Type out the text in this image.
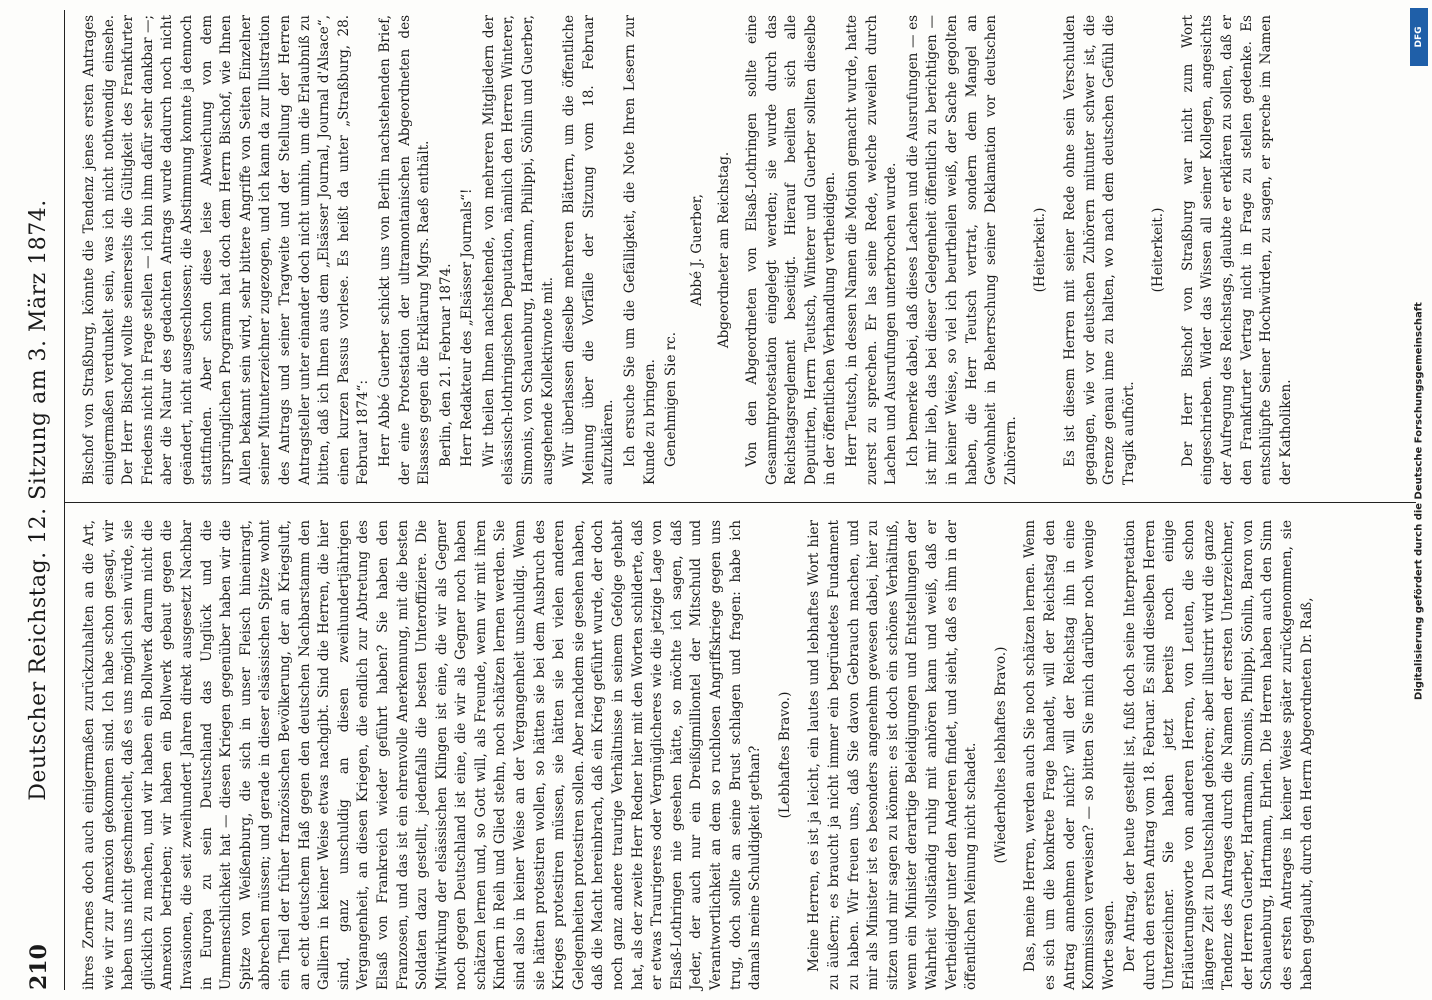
210
Deutscher Reichstag. 12. Sitzung am 3. März 1874. ihres Zornes doch auch einigermaßen zurückzuhalten an die Art, wie wir zur Annexion gekommen sind. Ich habe schon gesagt, wir haben uns nicht geschmeichelt, daß es uns möglich sein würde, sie glücklich zu machen, und wir haben ein Bollwerk darum nicht die Annexion betrieben; wir haben ein Bollwerk gebaut gegen die Invasionen, die seit zweihundert Jahren direkt ausgesetzt Nachbar in Europa zu sein Deutschland das Unglück und die Ummenschlichkeit hat — diesen Kriegen gegenüber haben wir die Spitze von Weißenburg, die sich in unser Fleisch hineinragt, abbrechen müssen; und gerade in dieser elsässischen Spitze wohnt ein Theil der früher französischen Bevölkerung, der an Kriegsluft, an echt deutschem Haß gegen den deutschen Nachbarstamm den Galliern in keiner Weise etwas nachgibt. Sind die Herren, die hier sind, ganz unschuldig an diesen zweihundertjährigen Vergangenheit, an diesen Kriegen, die endlich zur Abtretung des Elsaß von Frankreich wieder geführt haben? Sie haben den Franzosen, und das ist ein ehrenvolle Anerkennung, mit die besten Soldaten dazu gestellt, jedenfalls die besten Unteroffiziere. Die Mitwirkung der elsässischen Klingen ist eine, die wir als Gegner noch gegen Deutschland ist eine, die wir als Gegner noch haben schätzen lernen und, so Gott will, als Freunde, wenn wir mit ihren Kindern in Reih und Glied stehn, noch schätzen lernen werden. Sie sind also in keiner Weise an der Vergangenheit unschuldig. Wenn sie hätten protestiren wollen, so hätten sie bei dem Ausbruch des Krieges protestiren müssen, sie hätten sie bei vielen anderen Gelegenheiten protestiren sollen. Aber nachdem sie gesehen haben, daß die Macht hereinbrach, daß ein Krieg geführt wurde, der doch noch ganz andere traurige Verhältnisse in seinem Gefolge gehabt hat, als der zweite Herr Redner hier mit den Worten schilderte, daß er etwas Traurigeres oder Vergnüglicheres wie die jetzige Lage von Elsaß-Lothringen nie gesehen hätte, so möchte ich sagen, daß Jeder, der auch nur ein Dreißigmilliontel der Mitschuld und Verantwortlichkeit an dem so ruchlosen Angriffskriege gegen uns trug, doch sollte an seine Brust schlagen und fragen: habe ich damals meine Schuldigkeit gethan? (Lebhaftes Bravo.) Meine Herren, es ist ja leicht, ein lautes und lebhaftes Wort hier zu äußern; es braucht ja nicht immer ein begründetes Fundament zu haben. Wir freuen uns, daß Sie davon Gebrauch machen, und mir als Minister ist es besonders angenehm gewesen dabei, hier zu sitzen und mir sagen zu können: es ist doch ein schönes Verhältniß, wenn ein Minister derartige Beleidigungen und Entstellungen der Wahrheit vollständig ruhig mit anhören kann und weiß, daß er Vertheidiger unter den Anderen findet, und sieht, daß es ihm in der öffentlichen Meinung nicht schadet. (Wiederholtes lebhaftes Bravo.) Das, meine Herren, werden auch Sie noch schätzen lernen. Wenn es sich um die konkrete Frage handelt, will der Reichstag den Antrag annehmen oder nicht? will der Reichstag ihn in eine Kommission verweisen? — so bitten Sie mich darüber noch wenige Worte sagen. Der Antrag, der heute gestellt ist, fußt doch seine Interpretation durch den ersten Antrag vom 18. Februar. Es sind dieselben Herren Unterzeichner. Sie haben jetzt bereits noch einige Erläuterungsworte von anderen Herren, von Leuten, die schon längere Zeit zu Deutschland gehören; aber illustrirt wird die ganze Tendenz des Antrages durch die Namen der ersten Unterzeichner, der Herren Guerber, Hartmann, Simonis, Philippi, Sönlin, Baron von Schauenburg, Hartmann, Ehrlen. Die Herren haben auch den Sinn des ersten Antrages in keiner Weise später zurückgenommen, sie haben geglaubt, durch den Herrn Abgeordneten Dr. Raß,

Bischof von Straßburg, könnte die Tendenz jenes ersten Antrages einigermaßen verdunkelt sein, was ich nicht nothwendig einsehe. Der Herr Bischof wollte seinerseits die Gültigkeit des Frankfurter Friedens nicht in Frage stellen — ich bin ihm dafür sehr dankbar —; aber die Natur des gedachten Antrags wurde dadurch noch nicht geändert, nicht ausgeschlossen; die Abstimmung konnte ja dennoch stattfinden. Aber schon diese leise Abweichung von dem ursprünglichen Programm hat doch dem Herrn Bischof, wie Ihnen Allen bekannt sein wird, sehr bittere Angriffe von Seiten Einzelner seiner Mitunterzeichner zugezogen, und ich kann da zur Illustration des Antrags und seiner Tragweite und der Stellung der Herren Antragsteller unter einander doch nicht umhin, um die Erlaubniß zu bitten, daß ich Ihnen aus dem „Elsässer Journal, Journal d'Alsace“, einen kurzen Passus vorlese. Es heißt da unter „Straßburg, 28. Februar 1874“: Herr Abbé Guerber schickt uns von Berlin nachstehenden Brief, der eine Protestation der ultramontanischen Abgeordneten des Elsasses gegen die Erklärung Mgrs. Raeß enthält. Berlin, den 21. Februar 1874. Herr Redakteur des „Elsässer Journals“! Wir theilen Ihnen nachstehende, von mehreren Mitgliedern der elsässisch-lothringischen Deputation, nämlich den Herren Winterer, Simonis, von Schauenburg, Hartmann, Philippi, Sönlin und Guerber, ausgehende Kollektivnote mit. Wir überlassen dieselbe mehreren Blättern, um die öffentliche Meinung über die Vorfälle der Sitzung vom 18. Februar aufzuklären. Ich ersuche Sie um die Gefälligkeit, die Note Ihren Lesern zur Kunde zu bringen. Genehmigen Sie rc.

Abbé J. Guerber, Abgeordneter am Reichstag. Von den Abgeordneten von Elsaß-Lothringen sollte eine Gesammtprotestation eingelegt werden; sie wurde durch das Reichstagsreglement beseitigt. Hierauf beeilten sich alle Deputirten, Herrn Teutsch, Winterer und Guerber sollten dieselbe in der öffentlichen Verhandlung vertheidigen. Herr Teutsch, in dessen Namen die Motion gemacht wurde, hatte zuerst zu sprechen. Er las seine Rede, welche zuweilen durch Lachen und Ausrufungen unterbrochen wurde. Ich bemerke dabei, daß dieses Lachen und die Ausrufungen — es ist mir lieb, das bei dieser Gelegenheit öffentlich zu berichtigen — in keiner Weise, so viel ich beurtheilen weiß, der Sache gegolten haben, die Herr Teutsch vertrat, sondern dem Mangel an Gewohnheit in Beherrschung seiner Deklamation vor deutschen Zuhörern.

(Heiterkeit.) Es ist diesem Herren mit seiner Rede ohne sein Verschulden gegangen, wie vor deutschen Zuhörern mitunter schwer ist, die Grenze genau inne zu halten, wo nach dem deutschen Gefühl die Tragik aufhört.

(Heiterkeit.) Der Herr Bischof von Straßburg war nicht zum Wort eingeschrieben. Wider das Wissen all seiner Kollegen, angesichts der Aufregung des Reichstags, glaubte er erklären zu sollen, daß er den Frankfurter Vertrag nicht in Frage zu stellen gedenke. Es entschlüpfte Seiner Hochwürden, zu sagen, er spreche im Namen der Katholiken.

DFG
Digitalisierung gefördert durch die Deutsche Forschungsgemeinschaft
